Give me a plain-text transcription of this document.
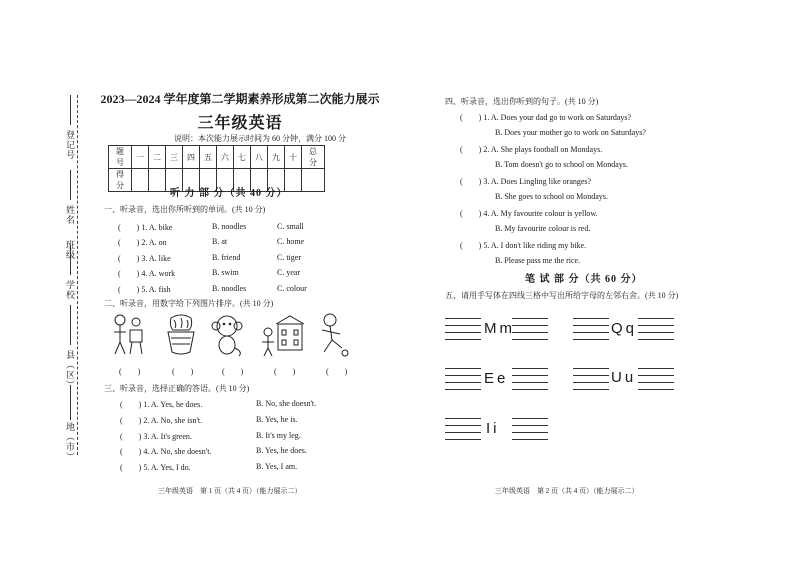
登记号
姓名
班级
学校
县（区）
地（市）
2023—2024 学年度第二学期素养形成第二次能力展示
三年级英语
说明：本次能力展示时间为 60 分钟，满分 100 分
题　号	一	二	三	四	五	六	七	八	九	十	总　分
得　分											
听 力 部 分（共 40 分）
一、听录音，选出你所听到的单词。(共 10 分)
(　　) 1. A. bike	B. noodles	C. small
(　　) 2. A. on	B. at	C. home
(　　) 3. A. like	B. friend	C. tiger
(　　) 4. A. work	B. swim	C. year
(　　) 5. A. fish	B. noodles	C. colour
二、听录音，用数字给下列图片排序。(共 10 分)
(　　)	(　　)	(　　)	(　　)	(　　)
三、听录音，选择正确的答语。(共 10 分)
(　　) 1. A. Yes, he does.	B. No, she doesn't.
(　　) 2. A. No, she isn't.	B. Yes, he is.
(　　) 3. A. It's green.	B. It's my leg.
(　　) 4. A. No, she doesn't.	B. Yes, he does.
(　　) 5. A. Yes, I do.	B. Yes, I am.
三年级英语　第 1 页（共 4 页）（能力展示二）
四、听录音，选出你听到的句子。(共 10 分)
(　　) 1. A. Does your dad go to work on Saturdays?
B. Does your mother go to work on Saturdays?
(　　) 2. A. She plays football on Mondays.
B. Tom doesn't go to school on Mondays.
(　　) 3. A. Does Lingling like oranges?
B. She goes to school on Mondays.
(　　) 4. A. My favourite colour is yellow.
B. My favourite colour is red.
(　　) 5. A. I don't like riding my bike.
B. Please pass me the rice.
笔 试 部 分（共 60 分）
五、请用手写体在四线三格中写出所给字母的左邻右舍。(共 10 分)
Mm	Qq
Ee	Uu
Ii
三年级英语　第 2 页（共 4 页）（能力展示二）
